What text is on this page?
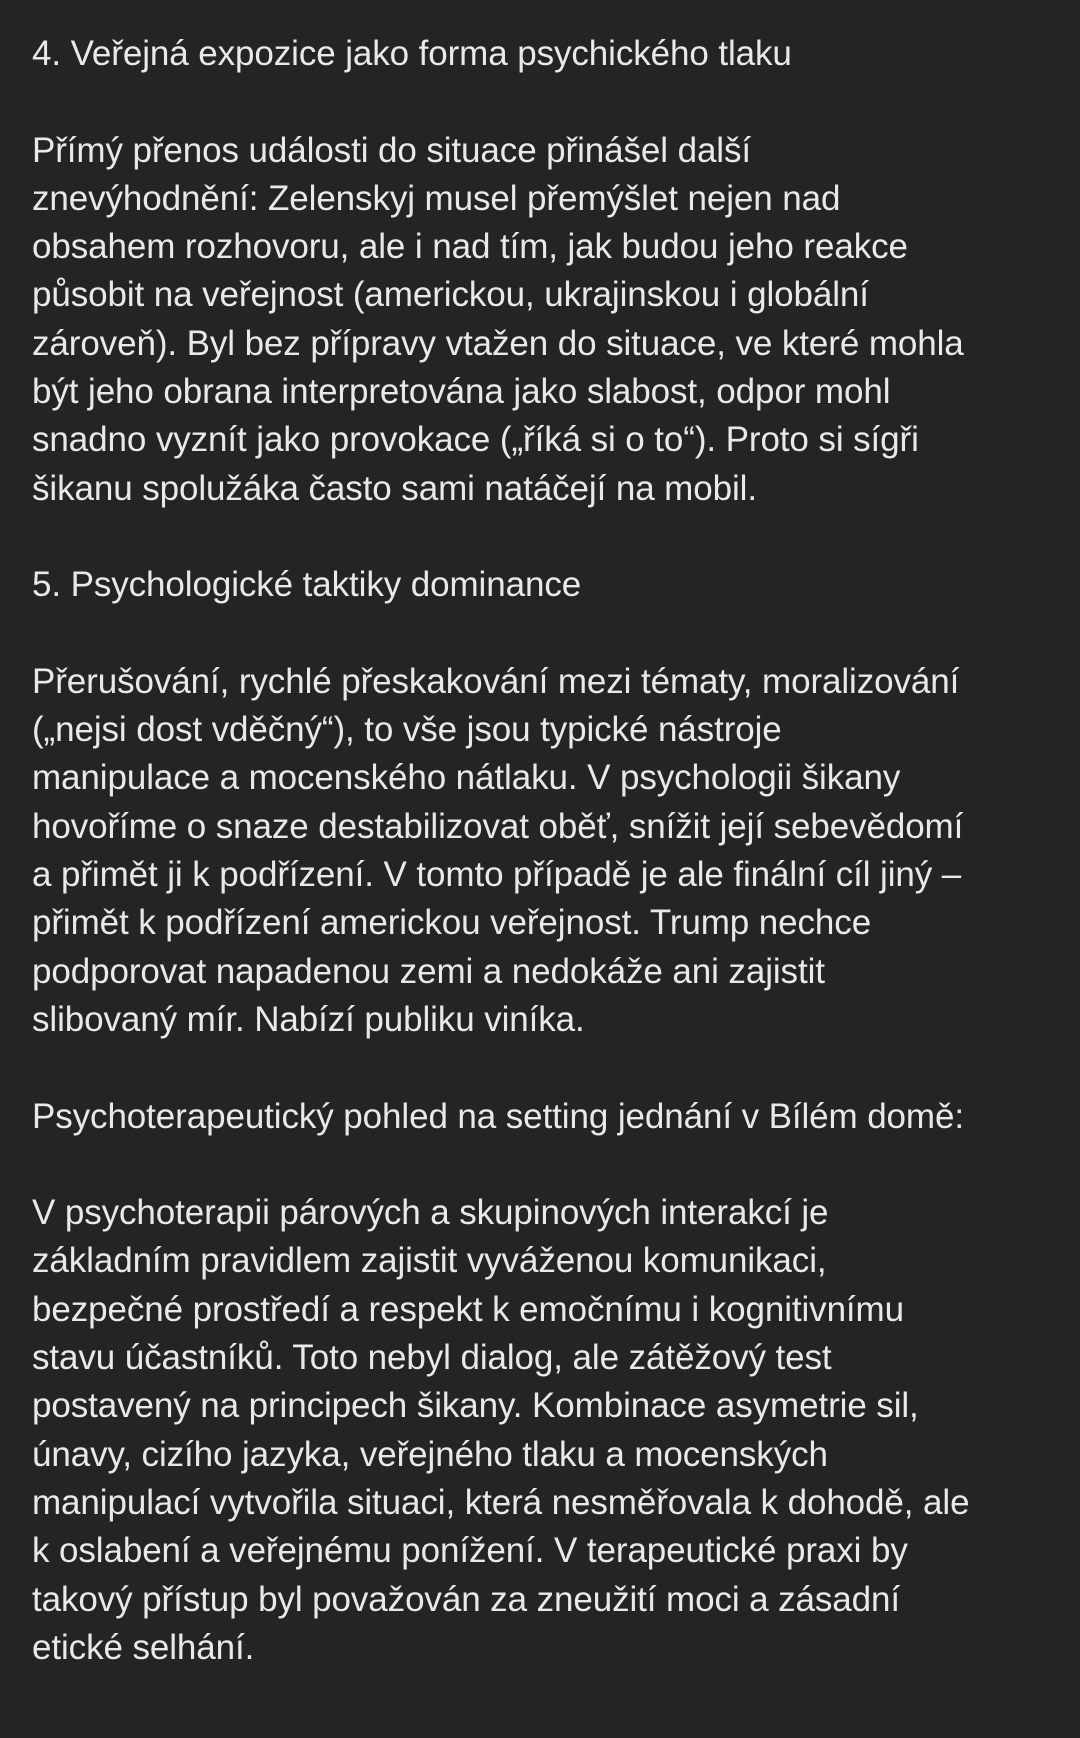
4. Veřejná expozice jako forma psychického tlaku

Přímý přenos události do situace přinášel další
znevýhodnění: Zelenskyj musel přemýšlet nejen nad
obsahem rozhovoru, ale i nad tím, jak budou jeho reakce
působit na veřejnost (americkou, ukrajinskou i globální
zároveň). Byl bez přípravy vtažen do situace, ve které mohla
být jeho obrana interpretována jako slabost, odpor mohl
snadno vyznít jako provokace („říká si o to“). Proto si sígři
šikanu spolužáka často sami natáčejí na mobil.

5. Psychologické taktiky dominance

Přerušování, rychlé přeskakování mezi tématy, moralizování
(„nejsi dost vděčný“), to vše jsou typické nástroje
manipulace a mocenského nátlaku. V psychologii šikany
hovoříme o snaze destabilizovat oběť, snížit její sebevědomí
a přimět ji k podřízení. V tomto případě je ale finální cíl jiný –
přimět k podřízení americkou veřejnost. Trump nechce
podporovat napadenou zemi a nedokáže ani zajistit
slibovaný mír. Nabízí publiku viníka.

Psychoterapeutický pohled na setting jednání v Bílém domě:

V psychoterapii párových a skupinových interakcí je
základním pravidlem zajistit vyváženou komunikaci,
bezpečné prostředí a respekt k emočnímu i kognitivnímu
stavu účastníků. Toto nebyl dialog, ale zátěžový test
postavený na principech šikany. Kombinace asymetrie sil,
únavy, cizího jazyka, veřejného tlaku a mocenských
manipulací vytvořila situaci, která nesměřovala k dohodě, ale
k oslabení a veřejnému ponížení. V terapeutické praxi by
takový přístup byl považován za zneužití moci a zásadní
etické selhání.
